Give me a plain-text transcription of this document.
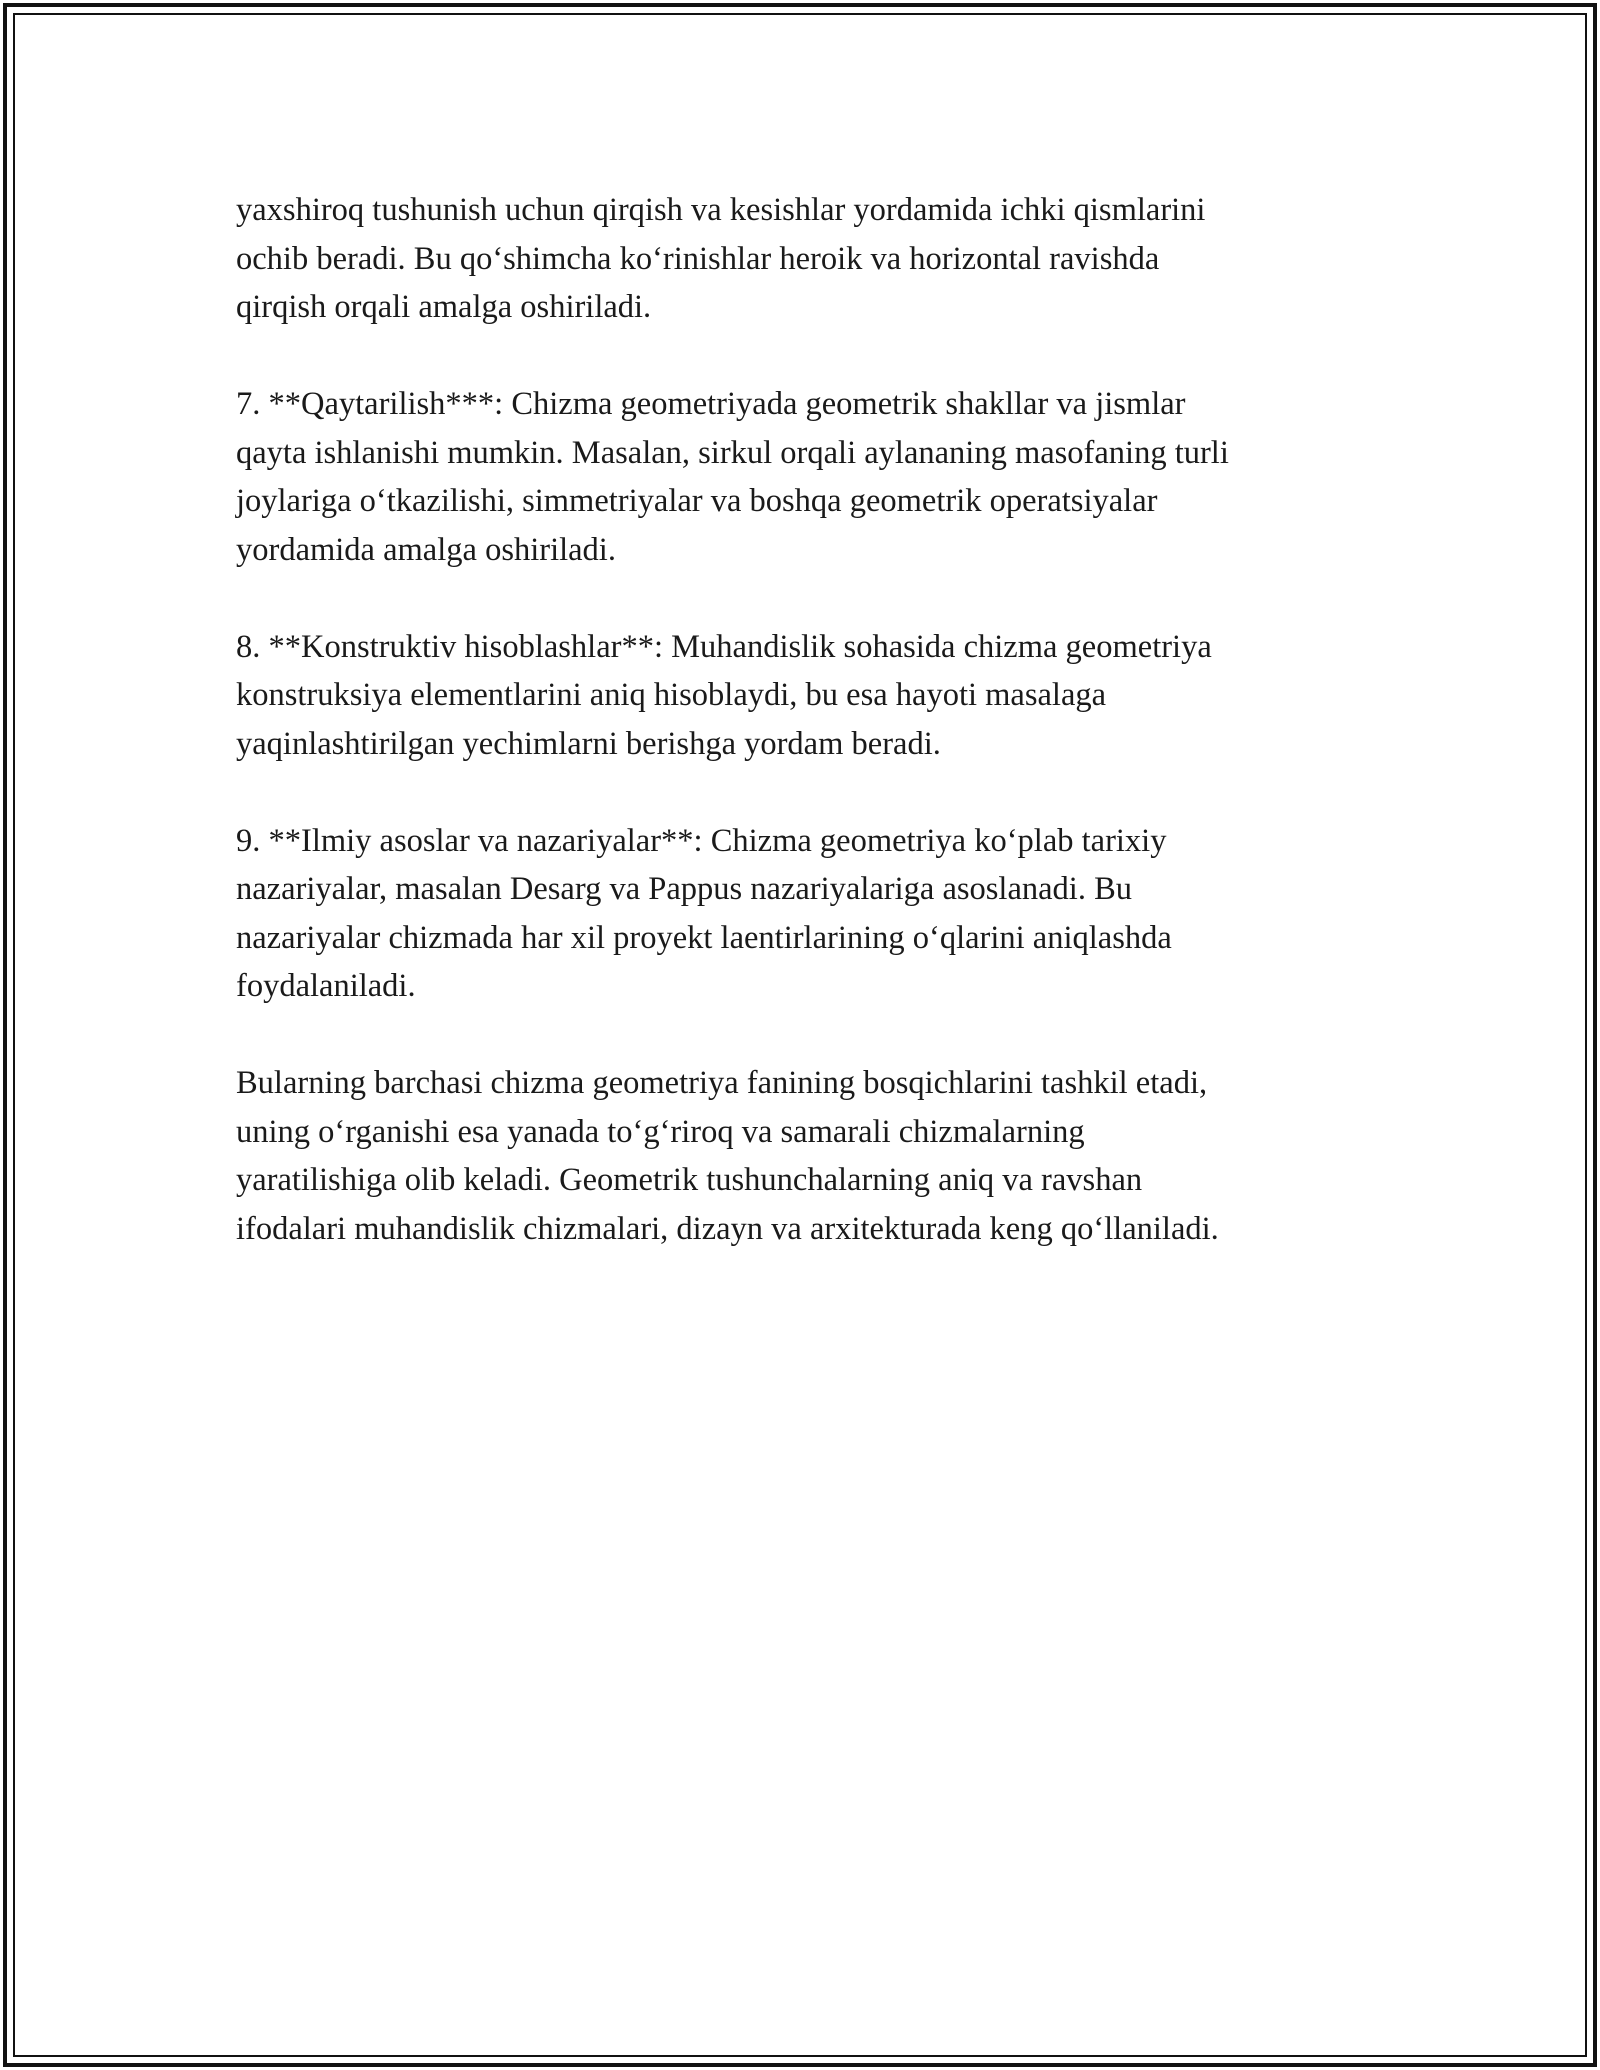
yaxshiroq tushunish uchun qirqish va kesishlar yordamida ichki qismlarini
ochib beradi. Bu qo‘shimcha ko‘rinishlar heroik va horizontal ravishda
qirqish orqali amalga oshiriladi.

7. **Qaytarilish***: Chizma geometriyada geometrik shakllar va jismlar
qayta ishlanishi mumkin. Masalan, sirkul orqali aylananing masofaning turli
joylariga o‘tkazilishi, simmetriyalar va boshqa geometrik operatsiyalar
yordamida amalga oshiriladi.

8. **Konstruktiv hisoblashlar**: Muhandislik sohasida chizma geometriya
konstruksiya elementlarini aniq hisoblaydi, bu esa hayoti masalaga
yaqinlashtirilgan yechimlarni berishga yordam beradi.

9. **Ilmiy asoslar va nazariyalar**: Chizma geometriya ko‘plab tarixiy
nazariyalar, masalan Desarg va Pappus nazariyalariga asoslanadi. Bu
nazariyalar chizmada har xil proyekt laentirlarining o‘qlarini aniqlashda
foydalaniladi.

Bularning barchasi chizma geometriya fanining bosqichlarini tashkil etadi,
uning o‘rganishi esa yanada to‘g‘riroq va samarali chizmalarning
yaratilishiga olib keladi. Geometrik tushunchalarning aniq va ravshan
ifodalari muhandislik chizmalari, dizayn va arxitekturada keng qo‘llaniladi.
